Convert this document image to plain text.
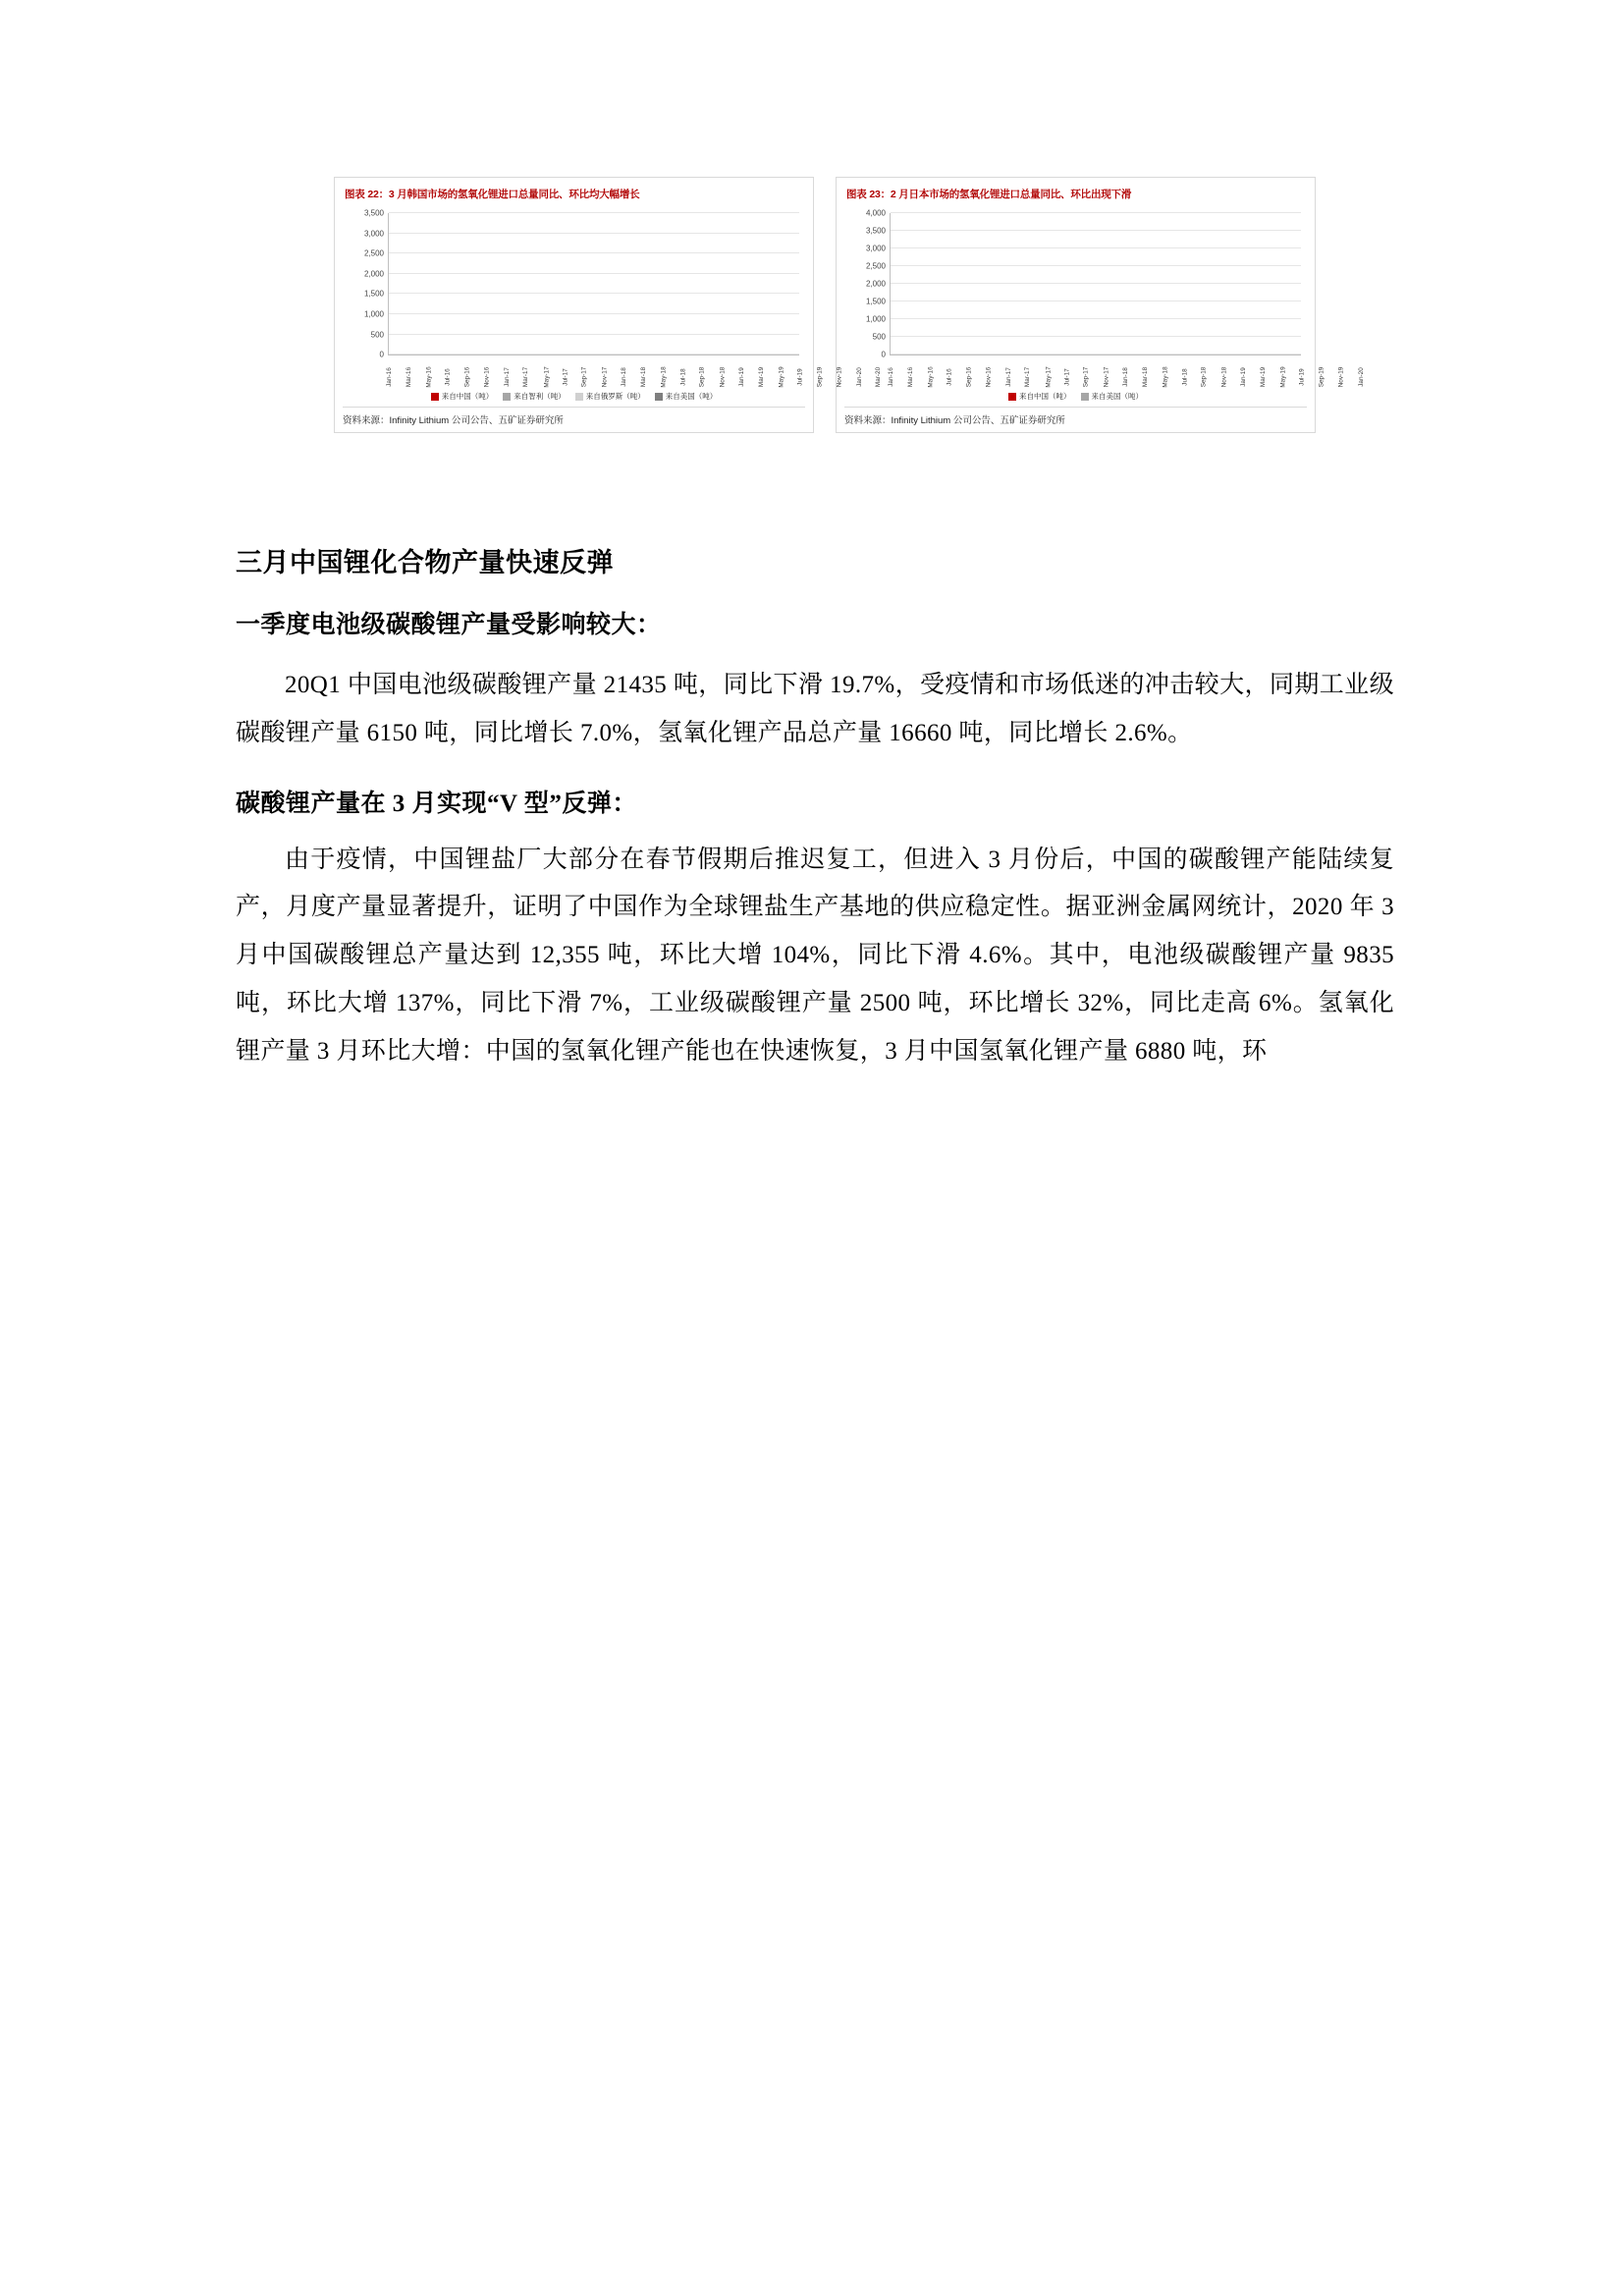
图表 22：3 月韩国市场的氢氧化锂进口总量同比、环比均大幅增长
0
500
1,000
1,500
2,000
2,500
3,000
3,500
Jan-16	Mar-16	May-16	Jul-16	Sep-16	Nov-16	Jan-17	Mar-17	May-17	Jul-17	Sep-17	Nov-17	Jan-18	Mar-18	May-18	Jul-18	Sep-18	Nov-18	Jan-19	Mar-19	May-19	Jul-19	Sep-19	Nov-19	Jan-20	Mar-20
来自中国（吨）	来自智利（吨）	来自俄罗斯（吨）	来自美国（吨）
资料来源：Infinity Lithium 公司公告、五矿证券研究所
图表 23：2 月日本市场的氢氧化锂进口总量同比、环比出现下滑
0
500
1,000
1,500
2,000
2,500
3,000
3,500
4,000
Jan-16	Mar-16	May-16	Jul-16	Sep-16	Nov-16	Jan-17	Mar-17	May-17	Jul-17	Sep-17	Nov-17	Jan-18	Mar-18	May-18	Jul-18	Sep-18	Nov-18	Jan-19	Mar-19	May-19	Jul-19	Sep-19	Nov-19	Jan-20
来自中国（吨）	来自美国（吨）
资料来源：Infinity Lithium 公司公告、五矿证券研究所
三月中国锂化合物产量快速反弹
一季度电池级碳酸锂产量受影响较大：

20Q1 中国电池级碳酸锂产量 21435 吨，同比下滑 19.7%，受疫情和市场低迷的冲击较大，同期工业级碳酸锂产量 6150 吨，同比增长 7.0%，氢氧化锂产品总产量 16660 吨，同比增长 2.6%。

碳酸锂产量在 3 月实现“V 型”反弹：

由于疫情，中国锂盐厂大部分在春节假期后推迟复工，但进入 3 月份后，中国的碳酸锂产能陆续复产，月度产量显著提升，证明了中国作为全球锂盐生产基地的供应稳定性。据亚洲金属网统计，2020 年 3 月中国碳酸锂总产量达到 12,355 吨，环比大增 104%，同比下滑 4.6%。其中，电池级碳酸锂产量 9835 吨，环比大增 137%，同比下滑 7%，工业级碳酸锂产量 2500 吨，环比增长 32%，同比走高 6%。氢氧化锂产量 3 月环比大增：中国的氢氧化锂产能也在快速恢复，3 月中国氢氧化锂产量 6880 吨，环
